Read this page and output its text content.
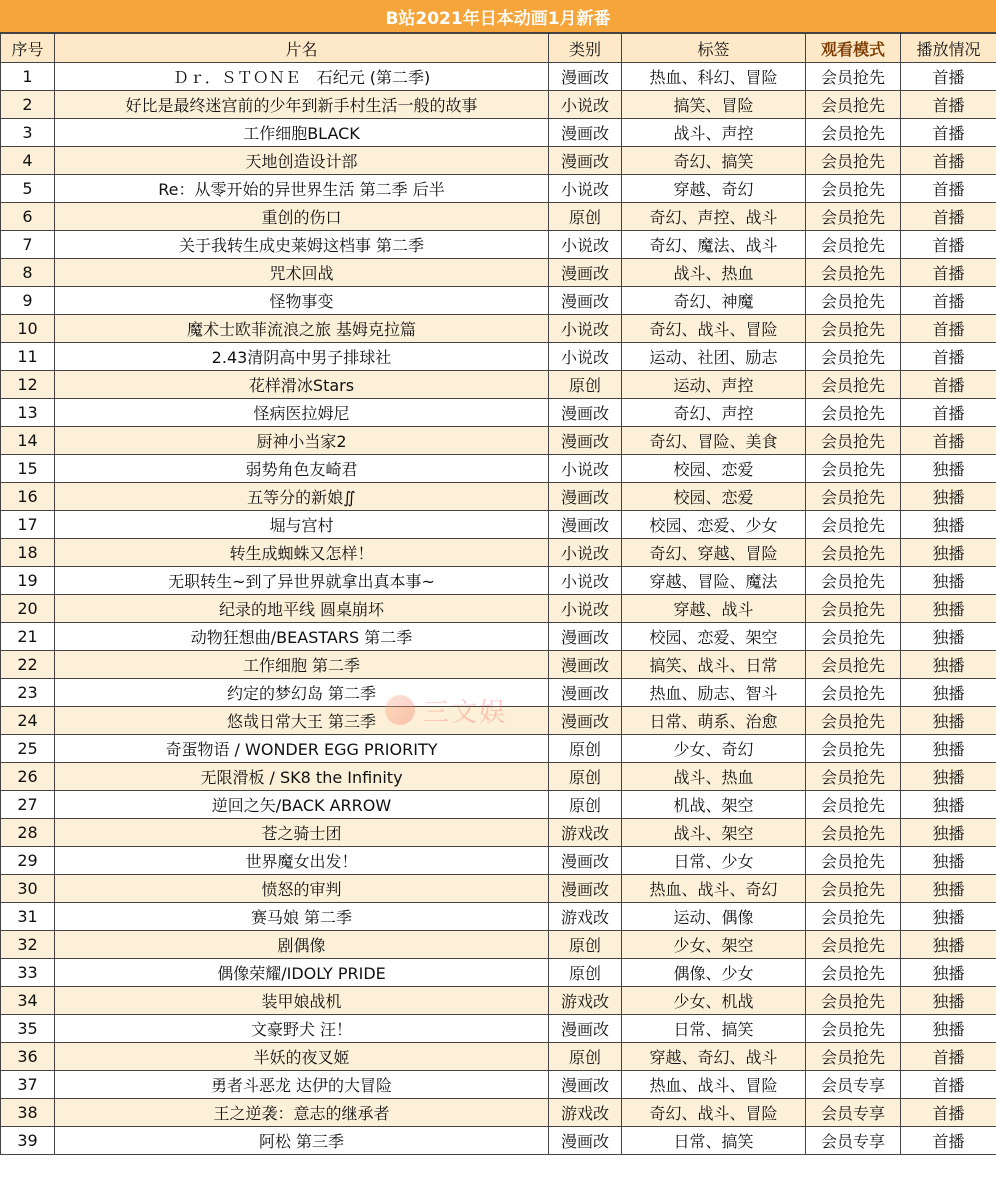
B站2021年日本动画1月新番
序号	片名	类别	标签	观看模式	播放情况
1	Ｄｒ．ＳＴＯＮＥ　石纪元 (第二季)	漫画改	热血、科幻、冒险	会员抢先	首播
2	好比是最终迷宫前的少年到新手村生活一般的故事	小说改	搞笑、冒险	会员抢先	首播
3	工作细胞BLACK	漫画改	战斗、声控	会员抢先	首播
4	天地创造设计部	漫画改	奇幻、搞笑	会员抢先	首播
5	Re：从零开始的异世界生活 第二季 后半	小说改	穿越、奇幻	会员抢先	首播
6	重创的伤口	原创	奇幻、声控、战斗	会员抢先	首播
7	关于我转生成史莱姆这档事 第二季	小说改	奇幻、魔法、战斗	会员抢先	首播
8	咒术回战	漫画改	战斗、热血	会员抢先	首播
9	怪物事变	漫画改	奇幻、神魔	会员抢先	首播
10	魔术士欧菲流浪之旅 基姆克拉篇	小说改	奇幻、战斗、冒险	会员抢先	首播
11	2.43清阴高中男子排球社	小说改	运动、社团、励志	会员抢先	首播
12	花样滑冰Stars	原创	运动、声控	会员抢先	首播
13	怪病医拉姆尼	漫画改	奇幻、声控	会员抢先	首播
14	厨神小当家2	漫画改	奇幻、冒险、美食	会员抢先	首播
15	弱势角色友崎君	小说改	校园、恋爱	会员抢先	独播
16	五等分的新娘∬	漫画改	校园、恋爱	会员抢先	独播
17	堀与宫村	漫画改	校园、恋爱、少女	会员抢先	独播
18	转生成蜘蛛又怎样！	小说改	奇幻、穿越、冒险	会员抢先	独播
19	无职转生~到了异世界就拿出真本事~	小说改	穿越、冒险、魔法	会员抢先	独播
20	纪录的地平线 圆桌崩坏	小说改	穿越、战斗	会员抢先	独播
21	动物狂想曲/BEASTARS 第二季	漫画改	校园、恋爱、架空	会员抢先	独播
22	工作细胞 第二季	漫画改	搞笑、战斗、日常	会员抢先	独播
23	约定的梦幻岛 第二季	漫画改	热血、励志、智斗	会员抢先	独播
24	悠哉日常大王 第三季	漫画改	日常、萌系、治愈	会员抢先	独播
25	奇蛋物语 / WONDER EGG PRIORITY	原创	少女、奇幻	会员抢先	独播
26	无限滑板 / SK8 the Infinity	原创	战斗、热血	会员抢先	独播
27	逆回之矢/BACK ARROW	原创	机战、架空	会员抢先	独播
28	苍之骑士团	游戏改	战斗、架空	会员抢先	独播
29	世界魔女出发！	漫画改	日常、少女	会员抢先	独播
30	愤怒的审判	漫画改	热血、战斗、奇幻	会员抢先	独播
31	赛马娘 第二季	游戏改	运动、偶像	会员抢先	独播
32	剧偶像	原创	少女、架空	会员抢先	独播
33	偶像荣耀/IDOLY PRIDE	原创	偶像、少女	会员抢先	独播
34	装甲娘战机	游戏改	少女、机战	会员抢先	独播
35	文豪野犬 汪！	漫画改	日常、搞笑	会员抢先	独播
36	半妖的夜叉姬	原创	穿越、奇幻、战斗	会员抢先	首播
37	勇者斗恶龙 达伊的大冒险	漫画改	热血、战斗、冒险	会员专享	首播
38	王之逆袭：意志的继承者	游戏改	奇幻、战斗、冒险	会员专享	首播
39	阿松 第三季	漫画改	日常、搞笑	会员专享	首播
三文娱
